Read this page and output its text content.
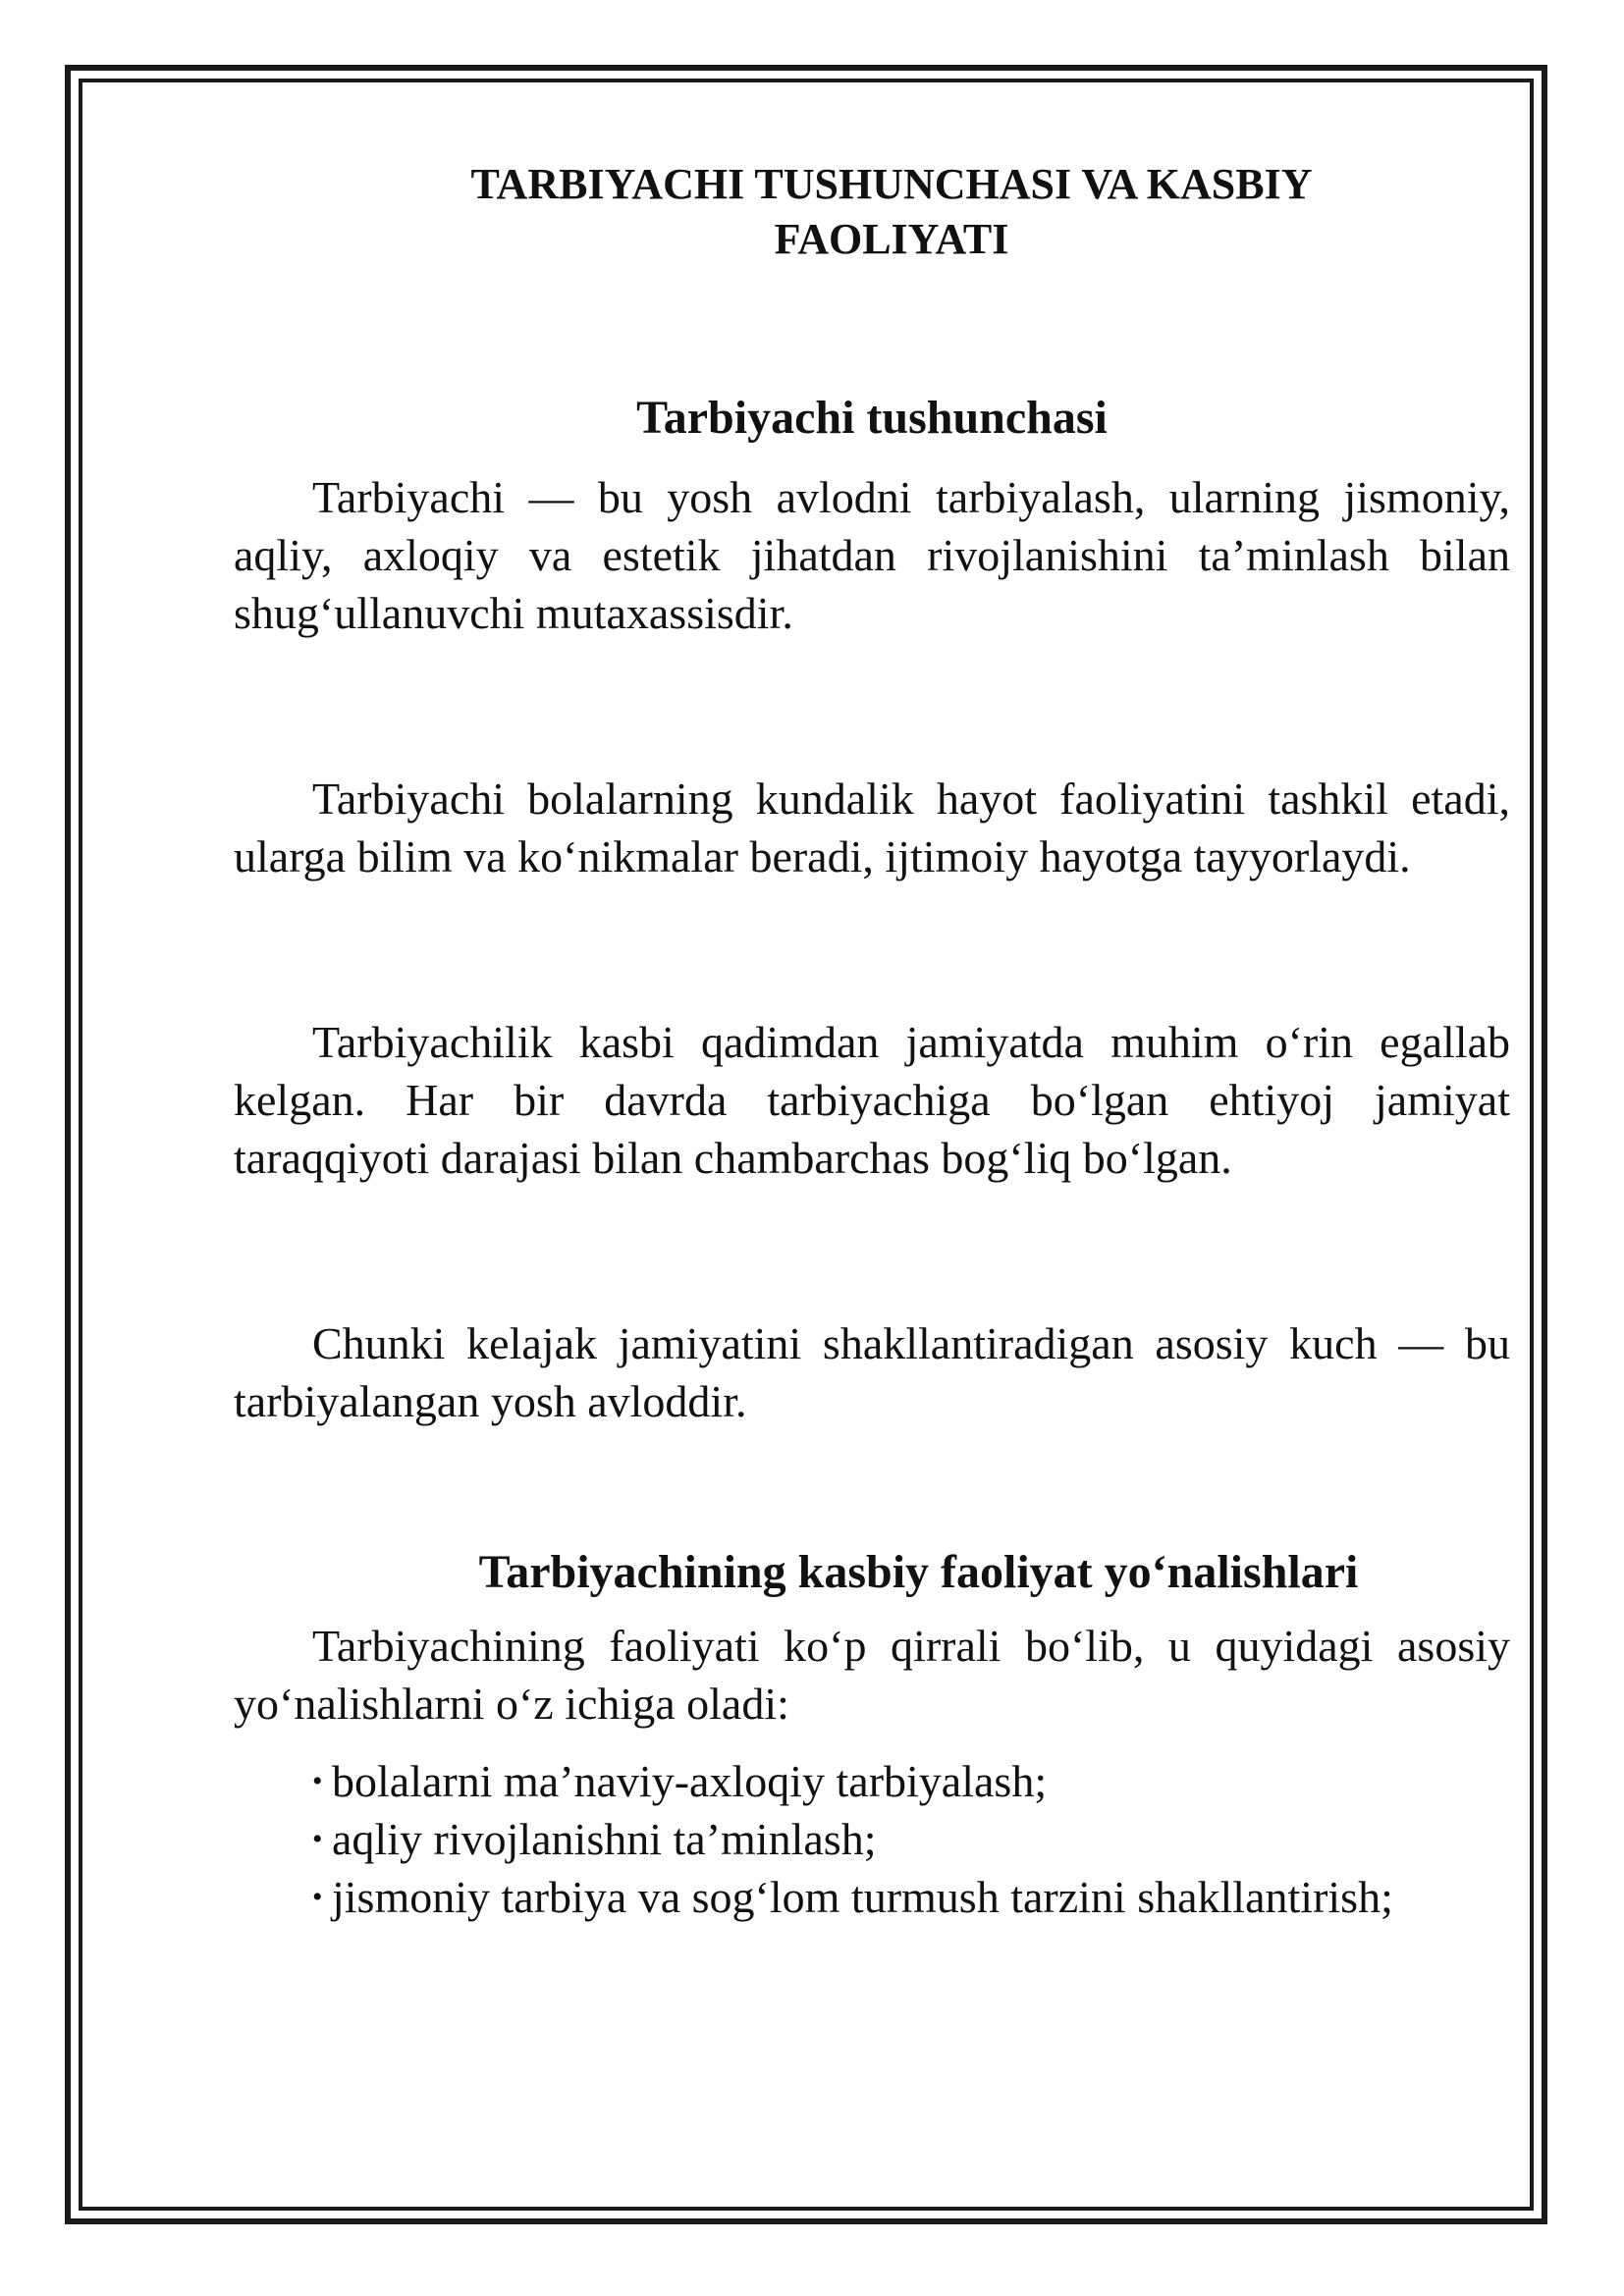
TARBIYACHI TUSHUNCHASI VA KASBIY
FAOLIYATI
Tarbiyachi tushunchasi

Tarbiyachi — bu yosh avlodni tarbiyalash, ularning jismoniy, aqliy, axloqiy va estetik jihatdan rivojlanishini ta’minlash bilan shug‘ullanuvchi mutaxassisdir.

Tarbiyachi bolalarning kundalik hayot faoliyatini tashkil etadi, ularga bilim va ko‘nikmalar beradi, ijtimoiy hayotga tayyorlaydi.

Tarbiyachilik kasbi qadimdan jamiyatda muhim o‘rin egallab kelgan. Har bir davrda tarbiyachiga bo‘lgan ehtiyoj jamiyat taraqqiyoti darajasi bilan chambarchas bog‘liq bo‘lgan.

Chunki kelajak jamiyatini shakllantiradigan asosiy kuch — bu tarbiyalangan yosh avloddir.

Tarbiyachining kasbiy faoliyat yo‘nalishlari

Tarbiyachining faoliyati ko‘p qirrali bo‘lib, u quyidagi asosiy yo‘nalishlarni o‘z ichiga oladi:

• bolalarni ma’naviy-axloqiy tarbiyalash;
• aqliy rivojlanishni ta’minlash;
• jismoniy tarbiya va sog‘lom turmush tarzini shakllantirish;
